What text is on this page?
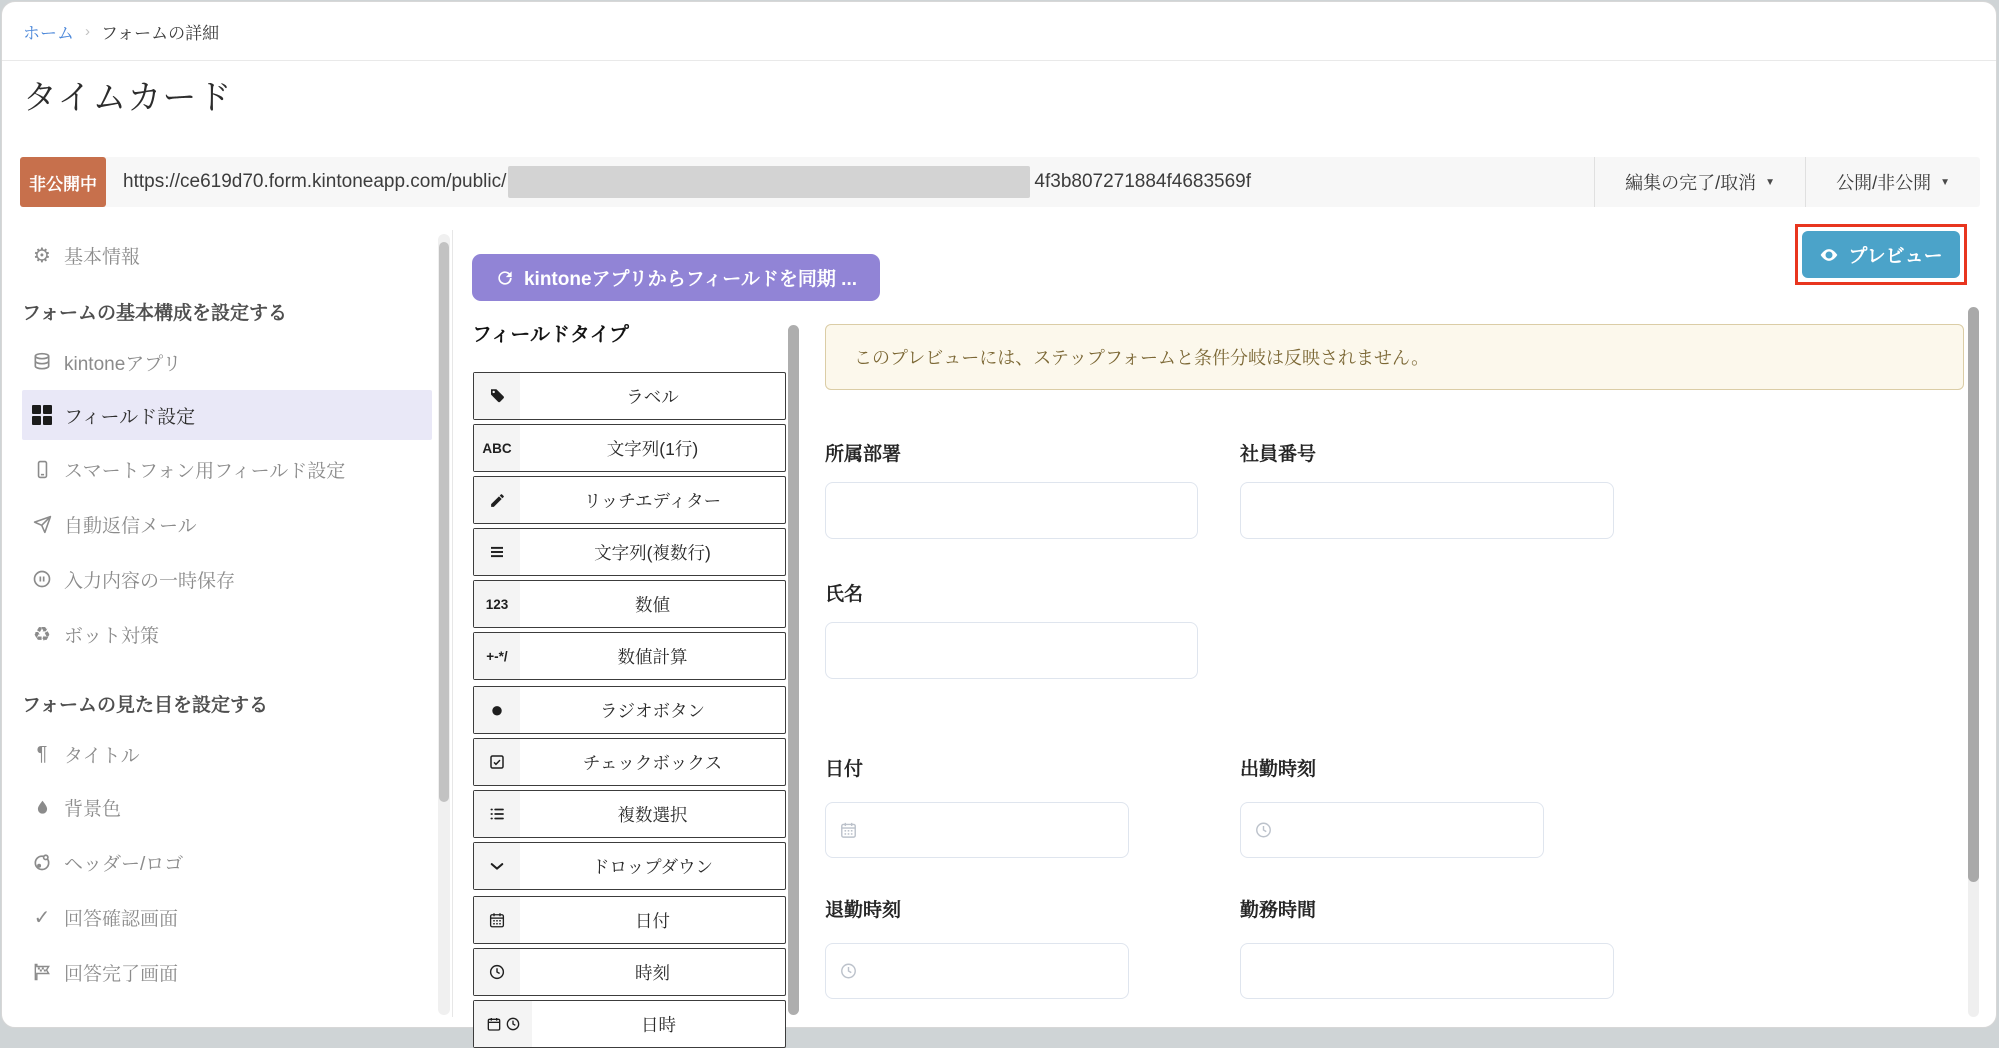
ホーム › フォームの詳細
タイムカード
非公開中	https://ce619d70.form.kintoneapp.com/public/	4f3b807271884f4683569f	編集の完了/取消 ▼	公開/非公開 ▼
⚙ 基本情報
フォームの基本構成を設定する
kintoneアプリ
フィールド設定
スマートフォン用フィールド設定
自動返信メール
入力内容の一時保存
♻ ボット対策
フォームの見た目を設定する
¶ タイトル
背景色
ヘッダー/ロゴ
✓ 回答確認画面
回答完了画面
kintoneアプリからフィールドを同期 ...
プレビュー
フィールドタイプ
ラベル
ABC	文字列(1行)
リッチエディター
文字列(複数行)
123	数値
+-*/	数値計算
●	ラジオボタン
チェックボックス
複数選択
ドロップダウン
日付
時刻
日時
このプレビューには、ステップフォームと条件分岐は反映されません。
所属部署	社員番号
氏名
日付	出勤時刻
退勤時刻	勤務時間
